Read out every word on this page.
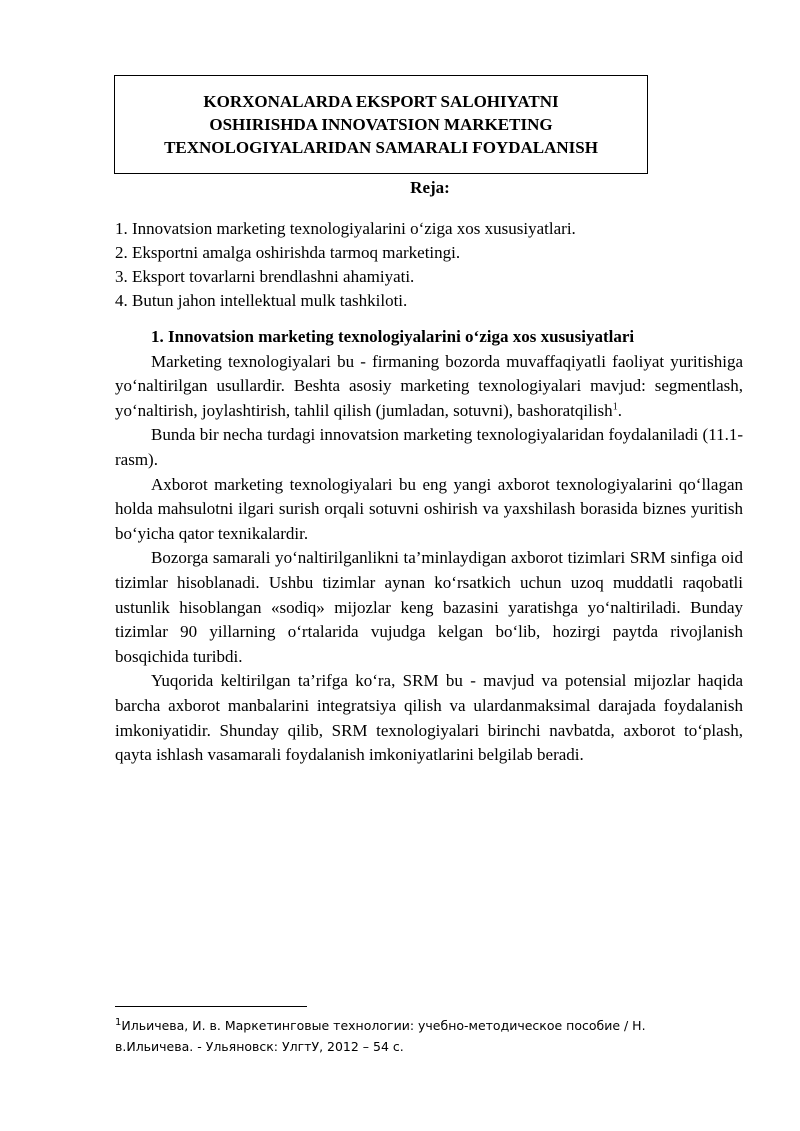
KORXONALARDA EKSPORT SALOHIYATNI
OSHIRISHDA INNOVATSION MARKETING
TEXNOLOGIYALARIDAN SAMARALI FOYDALANISH
Reja:
1. Innovatsion marketing texnologiyalarini o‘ziga xos xususiyatlari.
2. Eksportni amalga oshirishda tarmoq marketingi.
3. Eksport tovarlarni brendlashni ahamiyati.
4. Butun jahon intellektual mulk tashkiloti.
1. Innovatsion marketing texnologiyalarini o‘ziga xos xususiyatlari

Marketing texnologiyalari bu - firmaning bozorda muvaffaqiyatli faoliyat yuritishiga yo‘naltirilgan usullardir. Beshta asosiy marketing texnologiyalari mavjud: segmentlash, yo‘naltirish, joylashtirish, tahlil qilish (jumladan, sotuvni), bashoratqilish$^1$.

Bunda bir necha turdagi innovatsion marketing texnologiyalaridan foydalaniladi (11.1-rasm).

Axborot marketing texnologiyalari bu eng yangi axborot texnologiyalarini qo‘llagan holda mahsulotni ilgari surish orqali sotuvni oshirish va yaxshilash borasida biznes yuritish bo‘yicha qator texnikalardir.

Bozorga samarali yo‘naltirilganlikni ta’minlaydigan axborot tizimlari SRM sinfiga oid tizimlar hisoblanadi. Ushbu tizimlar aynan ko‘rsatkich uchun uzoq muddatli raqobatli ustunlik hisoblangan «sodiq» mijozlar keng bazasini yaratishga yo‘naltiriladi. Bunday tizimlar 90 yillarning o‘rtalarida vujudga kelgan bo‘lib, hozirgi paytda rivojlanish bosqichida turibdi.

Yuqorida keltirilgan ta’rifga ko‘ra, SRM bu - mavjud va potensial mijozlar haqida barcha axborot manbalarini integratsiya qilish va ulardanmaksimal darajada foydalanish imkoniyatidir. Shunday qilib, SRM texnologiyalari birinchi navbatda, axborot to‘plash, qayta ishlash vasamarali foydalanish imkoniyatlarini belgilab beradi.

$^1$Ильичева, И. в. Маркетинговые технологии: учебно-методическое пособие / Н.
в.Ильичева. - Ульяновск: УлгтУ, 2012 – 54 с.
